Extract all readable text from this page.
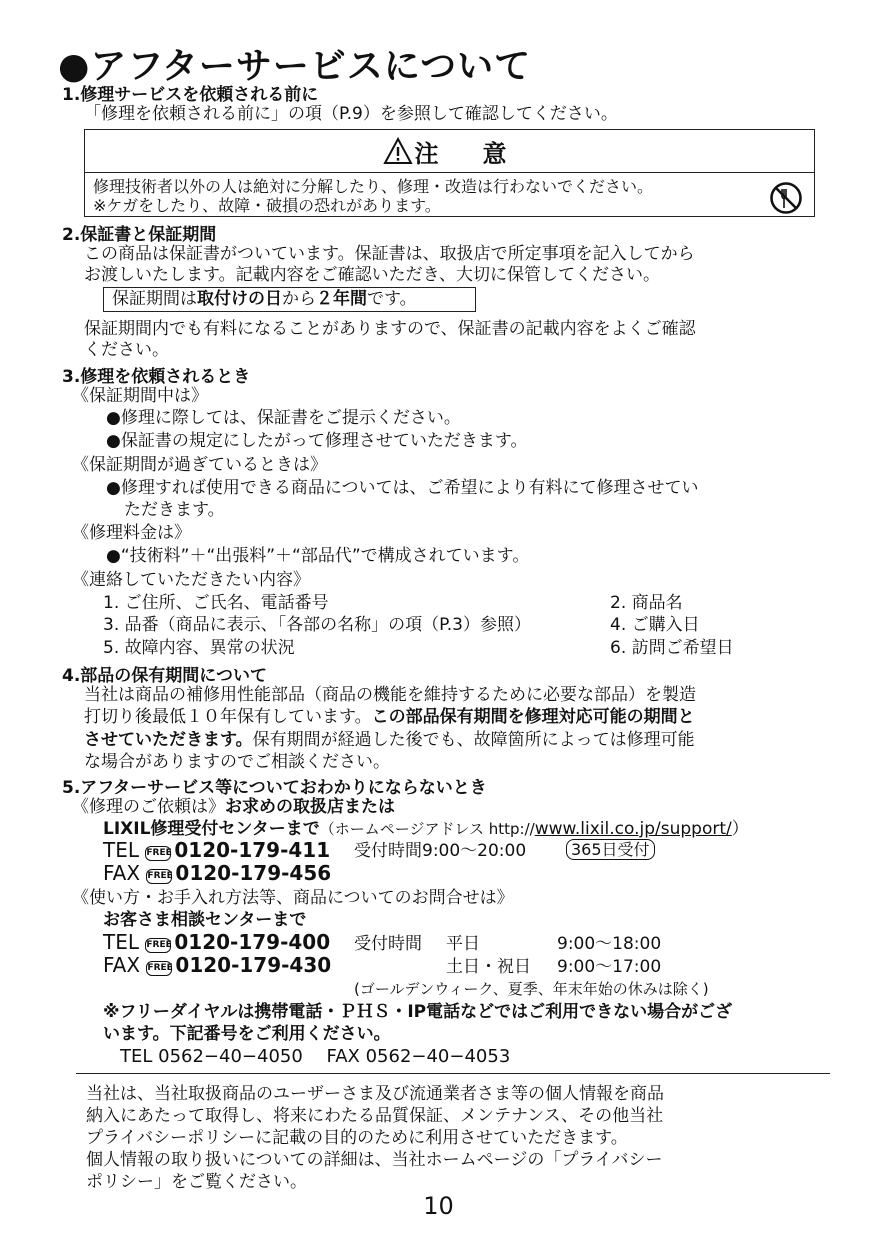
●アフターサービスについて
1.修理サービスを依頼される前に
「修理を依頼される前に」の項（P.9）を参照して確認してください。
注　意
修理技術者以外の人は絶対に分解したり、修理・改造は行わないでください。
※ケガをしたり、故障・破損の恐れがあります。
2.保証書と保証期間
この商品は保証書がついています。保証書は、取扱店で所定事項を記入してから
お渡しいたします。記載内容をご確認いただき、大切に保管してください。
保証期間は取付けの日から２年間です。
保証期間内でも有料になることがありますので、保証書の記載内容をよくご確認
ください。
3.修理を依頼されるとき
《保証期間中は》
●修理に際しては、保証書をご提示ください。
●保証書の規定にしたがって修理させていただきます。
《保証期間が過ぎているときは》
●修理すれば使用できる商品については、ご希望により有料にて修理させてい
ただきます。
《修理料金は》
●“技術料”＋“出張料”＋“部品代”で構成されています。
《連絡していただきたい内容》
1. ご住所、ご氏名、電話番号	2. 商品名
3. 品番（商品に表示、「各部の名称」の項（P.3）参照）	4. ご購入日
5. 故障内容、異常の状況	6. 訪問ご希望日
4.部品の保有期間について
当社は商品の補修用性能部品（商品の機能を維持するために必要な部品）を製造
打切り後最低１０年保有しています。この部品保有期間を修理対応可能の期間と
させていただきます。保有期間が経過した後でも、故障箇所によっては修理可能
な場合がありますのでご相談ください。
5.アフターサービス等についておわかりにならないとき
《修理のご依頼は》お求めの取扱店または
LIXIL修理受付センターまで（ホームページアドレス http://www.lixil.co.jp/support/）
TEL FREE 0120-179-411 受付時間9:00～20:00	365日受付
FAX FREE 0120-179-456
《使い方・お手入れ方法等、商品についてのお問合せは》
お客さま相談センターまで
TEL FREE 0120-179-400 受付時間 平日	9:00～18:00
FAX FREE 0120-179-430	土日・祝日 9:00～17:00
(ゴールデンウィーク、夏季、年末年始の休みは除く)
※フリーダイヤルは携帯電話・ＰＨＳ・IP電話などではご利用できない場合がござ
います。下記番号をご利用ください。
TEL 0562−40−4050　 FAX 0562−40−4053
当社は、当社取扱商品のユーザーさま及び流通業者さま等の個人情報を商品
納入にあたって取得し、将来にわたる品質保証、メンテナンス、その他当社
プライバシーポリシーに記載の目的のために利用させていただきます。
個人情報の取り扱いについての詳細は、当社ホームページの「プライバシー
ポリシー」をご覧ください。
10
